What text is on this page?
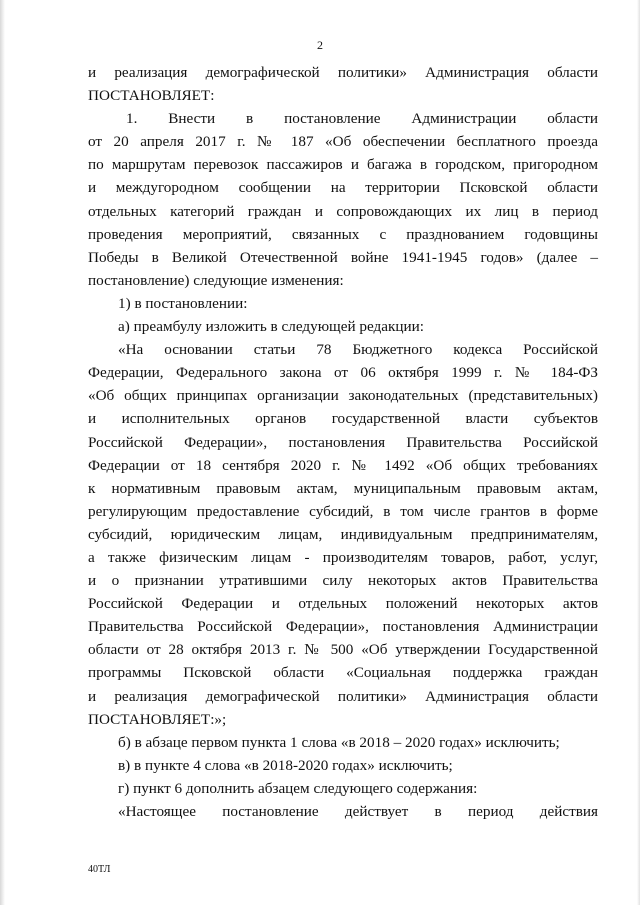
2
и реализация демографической политики» Администрация области
ПОСТАНОВЛЯЕТ:
1. Внести в постановление Администрации области
от 20 апреля 2017 г. № 187 «Об обеспечении бесплатного проезда
по маршрутам перевозок пассажиров и багажа в городском, пригородном
и междугородном сообщении на территории Псковской области
отдельных категорий граждан и сопровождающих их лиц в период
проведения мероприятий, связанных с празднованием годовщины
Победы в Великой Отечественной войне 1941-1945 годов» (далее –
постановление) следующие изменения:
1) в постановлении:
а) преамбулу изложить в следующей редакции:
«На основании статьи 78 Бюджетного кодекса Российской
Федерации, Федерального закона от 06 октября 1999 г. № 184-ФЗ
«Об общих принципах организации законодательных (представительных)
и исполнительных органов государственной власти субъектов
Российской Федерации», постановления Правительства Российской
Федерации от 18 сентября 2020 г. № 1492 «Об общих требованиях
к нормативным правовым актам, муниципальным правовым актам,
регулирующим предоставление субсидий, в том числе грантов в форме
субсидий, юридическим лицам, индивидуальным предпринимателям,
а также физическим лицам - производителям товаров, работ, услуг,
и о признании утратившими силу некоторых актов Правительства
Российской Федерации и отдельных положений некоторых актов
Правительства Российской Федерации», постановления Администрации
области от 28 октября 2013 г. № 500 «Об утверждении Государственной
программы Псковской области «Социальная поддержка граждан
и реализация демографической политики» Администрация области
ПОСТАНОВЛЯЕТ:»;
б) в абзаце первом пункта 1 слова «в 2018 – 2020 годах» исключить;
в) в пункте 4 слова «в 2018-2020 годах» исключить;
г) пункт 6 дополнить абзацем следующего содержания:
«Настоящее постановление действует в период действия
40ТЛ
